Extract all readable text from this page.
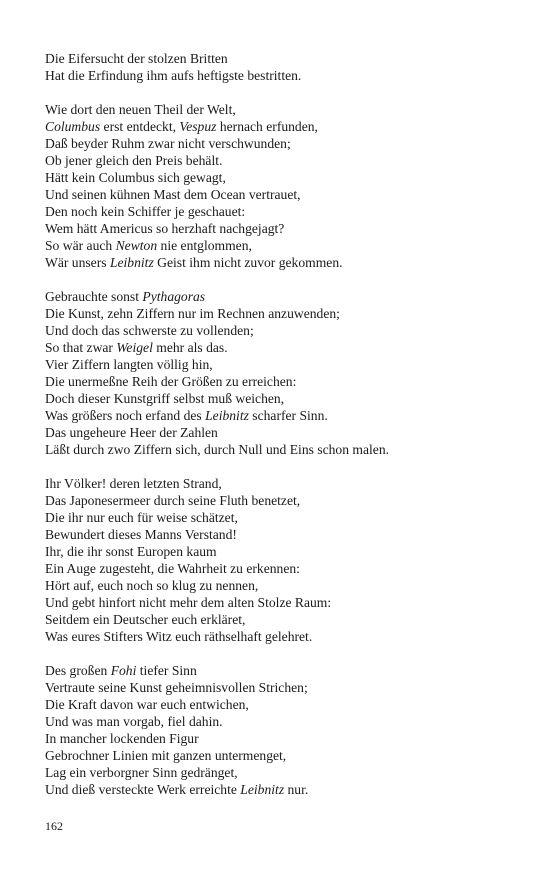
Die Eifersucht der stolzen Britten
Hat die Erfindung ihm aufs heftigste bestritten.
Wie dort den neuen Theil der Welt,
Columbus erst entdeckt, Vespuz hernach erfunden,
Daß beyder Ruhm zwar nicht verschwunden;
Ob jener gleich den Preis behält.
Hätt kein Columbus sich gewagt,
Und seinen kühnen Mast dem Ocean vertrauet,
Den noch kein Schiffer je geschauet:
Wem hätt Americus so herzhaft nachgejagt?
So wär auch Newton nie entglommen,
Wär unsers Leibnitz Geist ihm nicht zuvor gekommen.
Gebrauchte sonst Pythagoras
Die Kunst, zehn Ziffern nur im Rechnen anzuwenden;
Und doch das schwerste zu vollenden;
So that zwar Weigel mehr als das.
Vier Ziffern langten völlig hin,
Die unermeßne Reih der Größen zu erreichen:
Doch dieser Kunstgriff selbst muß weichen,
Was größers noch erfand des Leibnitz scharfer Sinn.
Das ungeheure Heer der Zahlen
Läßt durch zwo Ziffern sich, durch Null und Eins schon malen.
Ihr Völker! deren letzten Strand,
Das Japonesermeer durch seine Fluth benetzet,
Die ihr nur euch für weise schätzet,
Bewundert dieses Manns Verstand!
Ihr, die ihr sonst Europen kaum
Ein Auge zugesteht, die Wahrheit zu erkennen:
Hört auf, euch noch so klug zu nennen,
Und gebt hinfort nicht mehr dem alten Stolze Raum:
Seitdem ein Deutscher euch erkläret,
Was eures Stifters Witz euch räthselhaft gelehret.
Des großen Fohi tiefer Sinn
Vertraute seine Kunst geheimnisvollen Strichen;
Die Kraft davon war euch entwichen,
Und was man vorgab, fiel dahin.
In mancher lockenden Figur
Gebrochner Linien mit ganzen untermenget,
Lag ein verborgner Sinn gedränget,
Und dieß versteckte Werk erreichte Leibnitz nur.
162
